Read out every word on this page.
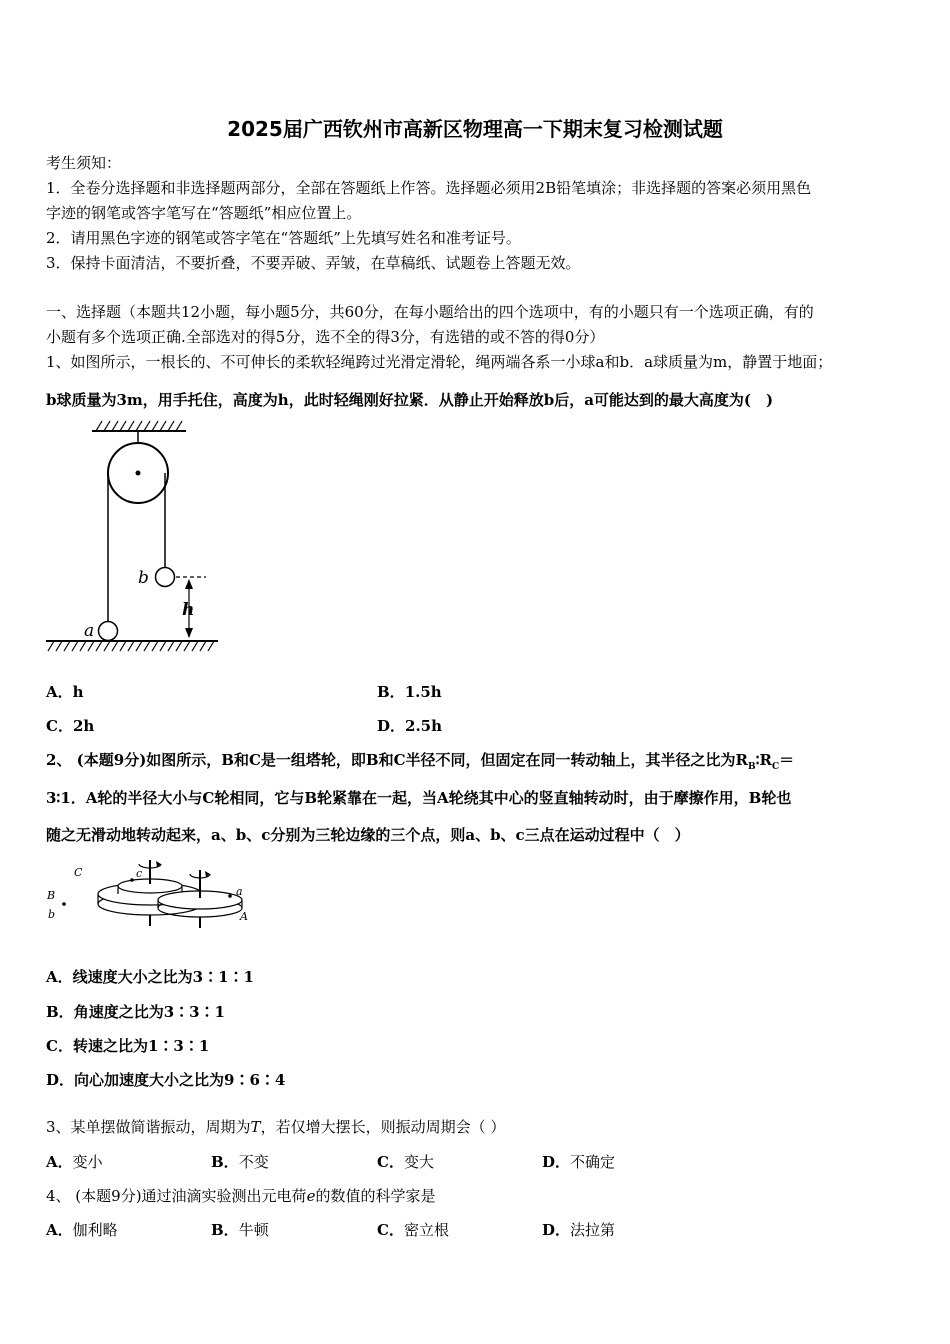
2025届广西钦州市高新区物理高一下期末复习检测试题
考生须知：
1．全卷分选择题和非选择题两部分，全部在答题纸上作答。选择题必须用2B铅笔填涂；非选择题的答案必须用黑色
字迹的钢笔或答字笔写在“答题纸”相应位置上。
2．请用黑色字迹的钢笔或答字笔在“答题纸”上先填写姓名和准考证号。
3．保持卡面清洁，不要折叠，不要弄破、弄皱，在草稿纸、试题卷上答题无效。
一、选择题（本题共12小题，每小题5分，共60分，在每小题给出的四个选项中，有的小题只有一个选项正确，有的
小题有多个选项正确.全部选对的得5分，选不全的得3分，有选错的或不答的得0分）
1、如图所示，一根长的、不可伸长的柔软轻绳跨过光滑定滑轮，绳两端各系一小球a和b．a球质量为m，静置于地面；
b球质量为3m，用手托住，高度为h，此时轻绳刚好拉紧．从静止开始释放b后，a可能达到的最大高度为(　)
b
h
a
A．h	B．1.5h
C．2h	D．2.5h
2、 (本题9分)如图所示，B和C是一组塔轮，即B和C半径不同，但固定在同一转动轴上，其半径之比为$R_B∶R_C=$
3∶1．A轮的半径大小与C轮相同，它与B轮紧靠在一起，当A轮绕其中心的竖直轴转动时，由于摩擦作用，B轮也
随之无滑动地转动起来，a、b、c分别为三轮边缘的三个点，则a、b、c三点在运动过程中（　）
C	c
B
b
a
A
A．线速度大小之比为3∶1∶1
B．角速度之比为3∶3∶1
C．转速之比为1∶3∶1
D．向心加速度大小之比为9∶6∶4
3、某单摆做简谐振动，周期为T，若仅增大摆长，则振动周期会（ ）
A．变小	B．不变	C．变大	D．不确定
4、 (本题9分)通过油滴实验测出元电荷e的数值的科学家是
A．伽利略	B．牛顿	C．密立根	D．法拉第
